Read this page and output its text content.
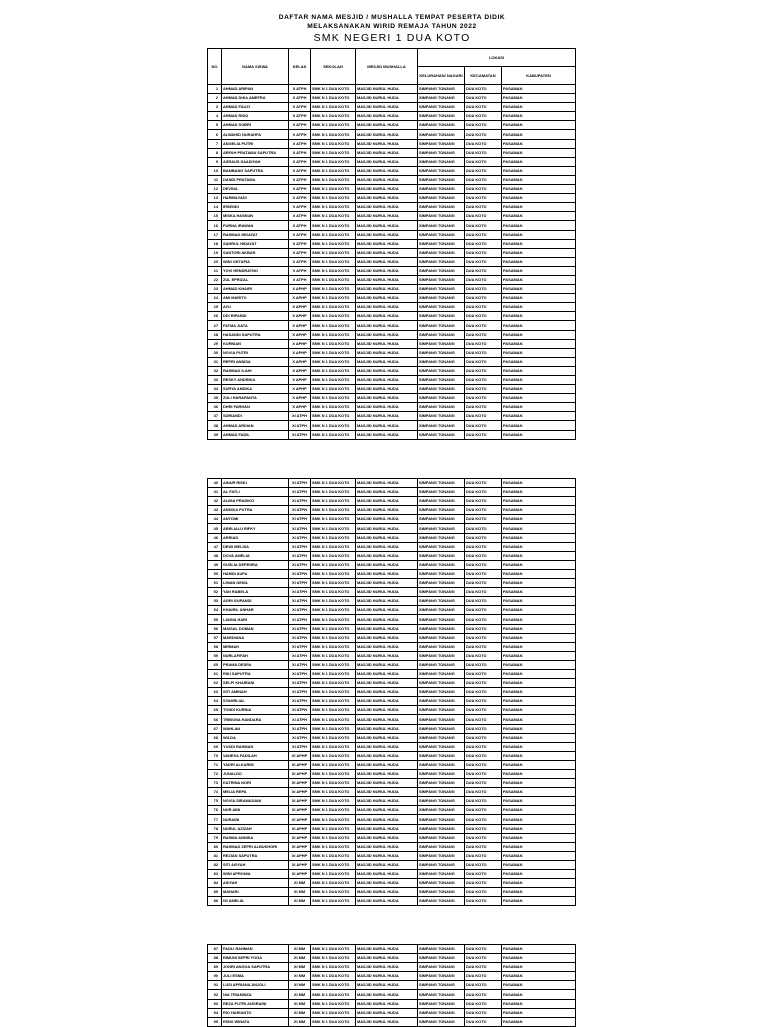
DAFTAR NAMA MESJID / MUSHALLA TEMPAT PESERTA DIDIK
MELAKSANAKAN WIRID REMAJA TAHUN 2022
SMK NEGERI 1 DUA KOTO
NO	NAMA SISWA	KELAS	SEKOLAH	MESJID MUSHALLA	LOKASI		
					KELURAHAN/ NAGARI	KECAMATAN	KABUPATEN
1	AHMAD ARIPAN	X ATPH	SMK N 1 DUA KOTO	MASJID NURUL HUDA	SIMPANG TONANG	DUA KOTO	PASAMAN
2	AHMAD DHIA AMEFRA	X ATPH	SMK N 1 DUA KOTO	MASJID NURUL HUDA	SIMPANG TONANG	DUA KOTO	PASAMAN
3	AHMAD FAUZI	X ATPH	SMK N 1 DUA KOTO	MASJID NURUL HUDA	SIMPANG TONANG	DUA KOTO	PASAMAN
4	AHMAD RIDO	X ATPH	SMK N 1 DUA KOTO	MASJID NURUL HUDA	SIMPANG TONANG	DUA KOTO	PASAMAN
5	AHMAD SOBRI	X ATPH	SMK N 1 DUA KOTO	MASJID NURUL HUDA	SIMPANG TONANG	DUA KOTO	PASAMAN
6	ALWAHID NURAHFA	X ATPH	SMK N 1 DUA KOTO	MASJID NURUL HUDA	SIMPANG TONANG	DUA KOTO	PASAMAN
7	ANGELIA PUTRI	X ATPH	SMK N 1 DUA KOTO	MASJID NURUL HUDA	SIMPANG TONANG	DUA KOTO	PASAMAN
8	ARFAH PRATAMA SAPUTRA	X ATPH	SMK N 1 DUA KOTO	MASJID NURUL HUDA	SIMPANG TONANG	DUA KOTO	PASAMAN
9	ASRAUS SAADIYAH	X ATPH	SMK N 1 DUA KOTO	MASJID NURUL HUDA	SIMPANG TONANG	DUA KOTO	PASAMAN
10	BAMBANG SAPUTRA	X ATPH	SMK N 1 DUA KOTO	MASJID NURUL HUDA	SIMPANG TONANG	DUA KOTO	PASAMAN
11	DANDI PRATAMA	X ATPH	SMK N 1 DUA KOTO	MASJID NURUL HUDA	SIMPANG TONANG	DUA KOTO	PASAMAN
12	DEVINA	X ATPH	SMK N 1 DUA KOTO	MASJID NURUL HUDA	SIMPANG TONANG	DUA KOTO	PASAMAN
13	HARMILYADI	X ATPH	SMK N 1 DUA KOTO	MASJID NURUL HUDA	SIMPANG TONANG	DUA KOTO	PASAMAN
14	IRSENDI	X ATPH	SMK N 1 DUA KOTO	MASJID NURUL HUDA	SIMPANG TONANG	DUA KOTO	PASAMAN
15	MISKA HASNUN	X ATPH	SMK N 1 DUA KOTO	MASJID NURUL HUDA	SIMPANG TONANG	DUA KOTO	PASAMAN
16	PURNA IRAWAN	X ATPH	SMK N 1 DUA KOTO	MASJID NURUL HUDA	SIMPANG TONANG	DUA KOTO	PASAMAN
17	RAHMAD HIDAYAT	X ATPH	SMK N 1 DUA KOTO	MASJID NURUL HUDA	SIMPANG TONANG	DUA KOTO	PASAMAN
18	SAHRUL HIDAYAT	X ATPH	SMK N 1 DUA KOTO	MASJID NURUL HUDA	SIMPANG TONANG	DUA KOTO	PASAMAN
19	SANTORI AKBAR	X ATPH	SMK N 1 DUA KOTO	MASJID NURUL HUDA	SIMPANG TONANG	DUA KOTO	PASAMAN
20	WINI OKTAPIA	X ATPH	SMK N 1 DUA KOTO	MASJID NURUL HUDA	SIMPANG TONANG	DUA KOTO	PASAMAN
21	YOVI HENDRATNO	X ATPH	SMK N 1 DUA KOTO	MASJID NURUL HUDA	SIMPANG TONANG	DUA KOTO	PASAMAN
22	ZUL EPRIZAL	X ATPH	SMK N 1 DUA KOTO	MASJID NURUL HUDA	SIMPANG TONANG	DUA KOTO	PASAMAN
23	AHMAD KHAIRI	X APHP	SMK N 1 DUA KOTO	MASJID NURUL HUDA	SIMPANG TONANG	DUA KOTO	PASAMAN
24	AMI MARITO	X APHP	SMK N 1 DUA KOTO	MASJID NURUL HUDA	SIMPANG TONANG	DUA KOTO	PASAMAN
25	AYU	X APHP	SMK N 1 DUA KOTO	MASJID NURUL HUDA	SIMPANG TONANG	DUA KOTO	PASAMAN
26	DDI RIPANDI	X APHP	SMK N 1 DUA KOTO	MASJID NURUL HUDA	SIMPANG TONANG	DUA KOTO	PASAMAN
27	FATMA JIATA	X APHP	SMK N 1 DUA KOTO	MASJID NURUL HUDA	SIMPANG TONANG	DUA KOTO	PASAMAN
28	HASANDI SAPUTRA	X APHP	SMK N 1 DUA KOTO	MASJID NURUL HUDA	SIMPANG TONANG	DUA KOTO	PASAMAN
29	KURNIAN	X APHP	SMK N 1 DUA KOTO	MASJID NURUL HUDA	SIMPANG TONANG	DUA KOTO	PASAMAN
30	NOVIA PUTRI	X APHP	SMK N 1 DUA KOTO	MASJID NURUL HUDA	SIMPANG TONANG	DUA KOTO	PASAMAN
31	REPRI ANNISA	X APHP	SMK N 1 DUA KOTO	MASJID NURUL HUDA	SIMPANG TONANG	DUA KOTO	PASAMAN
32	RAHMAD ILAHI	X APHP	SMK N 1 DUA KOTO	MASJID NURUL HUDA	SIMPANG TONANG	DUA KOTO	PASAMAN
33	RESKY ANDRIKA	X APHP	SMK N 1 DUA KOTO	MASJID NURUL HUDA	SIMPANG TONANG	DUA KOTO	PASAMAN
34	SURYA ANDIKA	X APHP	SMK N 1 DUA KOTO	MASJID NURUL HUDA	SIMPANG TONANG	DUA KOTO	PASAMAN
35	ZULI HARAPANTA	X APHP	SMK N 1 DUA KOTO	MASJID NURUL HUDA	SIMPANG TONANG	DUA KOTO	PASAMAN
36	DHRI FARHAN	X APHP	SMK N 1 DUA KOTO	MASJID NURUL HUDA	SIMPANG TONANG	DUA KOTO	PASAMAN
37	SDRIANDI	XI ATPH	SMK N 1 DUA KOTO	MASJID NURUL HUDA	SIMPANG TONANG	DUA KOTO	PASAMAN
38	AHMAD ARDIAN	XI ATPH	SMK N 1 DUA KOTO	MASJID NURUL HUDA	SIMPANG TONANG	DUA KOTO	PASAMAN
39	AHMAD FADIL	XI ATPH	SMK N 1 DUA KOTO	MASJID NURUL HUDA	SIMPANG TONANG	DUA KOTO	PASAMAN
40	AINUR RISKI	XI ATPH	SMK N 1 DUA KOTO	MASJID NURUL HUDA	SIMPANG TONANG	DUA KOTO	PASAMAN
41	AL FATLI	XI ATPH	SMK N 1 DUA KOTO	MASJID NURUL HUDA	SIMPANG TONANG	DUA KOTO	PASAMAN
42	ALIMA PRADIKO	XI ATPH	SMK N 1 DUA KOTO	MASJID NURUL HUDA	SIMPANG TONANG	DUA KOTO	PASAMAN
43	ANDIKA PUTRA	XI ATPH	SMK N 1 DUA KOTO	MASJID NURUL HUDA	SIMPANG TONANG	DUA KOTO	PASAMAN
44	ANTOMI	XI ATPH	SMK N 1 DUA KOTO	MASJID NURUL HUDA	SIMPANG TONANG	DUA KOTO	PASAMAN
45	ARRLIALU RIFKY	XI ATPH	SMK N 1 DUA KOTO	MASJID NURUL HUDA	SIMPANG TONANG	DUA KOTO	PASAMAN
46	ARRIAD	XI ATPH	SMK N 1 DUA KOTO	MASJID NURUL HUDA	SIMPANG TONANG	DUA KOTO	PASAMAN
47	DEWI MELISA	XI ATPH	SMK N 1 DUA KOTO	MASJID NURUL HUDA	SIMPANG TONANG	DUA KOTO	PASAMAN
48	DOVA AMELIA	XI ATPH	SMK N 1 DUA KOTO	MASJID NURUL HUDA	SIMPANG TONANG	DUA KOTO	PASAMAN
49	GUSLIA DEPENRA	XI ATPH	SMK N 1 DUA KOTO	MASJID NURUL HUDA	SIMPANG TONANG	DUA KOTO	PASAMAN
50	HAMDI AUFA	XI ATPH	SMK N 1 DUA KOTO	MASJID NURUL HUDA	SIMPANG TONANG	DUA KOTO	PASAMAN
51	LIMAN DENIL	XI ATPH	SMK N 1 DUA KOTO	MASJID NURUL HUDA	SIMPANG TONANG	DUA KOTO	PASAMAN
52	YAN RABELA	XI ATPH	SMK N 1 DUA KOTO	MASJID NURUL HUDA	SIMPANG TONANG	DUA KOTO	PASAMAN
53	AGRI GUPANDI	XI ATPH	SMK N 1 DUA KOTO	MASJID NURUL HUDA	SIMPANG TONANG	DUA KOTO	PASAMAN
54	KHAIRIL ANHAR	XI ATPH	SMK N 1 DUA KOTO	MASJID NURUL HUDA	SIMPANG TONANG	DUA KOTO	PASAMAN
55	LANNA HARI	XI ATPH	SMK N 1 DUA KOTO	MASJID NURUL HUDA	SIMPANG TONANG	DUA KOTO	PASAMAN
56	MAISAL DOMAN	XI ATPH	SMK N 1 DUA KOTO	MASJID NURUL HUDA	SIMPANG TONANG	DUA KOTO	PASAMAN
57	MARDIANA	XI ATPH	SMK N 1 DUA KOTO	MASJID NURUL HUDA	SIMPANG TONANG	DUA KOTO	PASAMAN
58	MIRMAH	XI ATPH	SMK N 1 DUA KOTO	MASJID NURUL HUDA	SIMPANG TONANG	DUA KOTO	PASAMAN
59	NURLAFIFAH	XI ATPH	SMK N 1 DUA KOTO	MASJID NURUL HUDA	SIMPANG TONANG	DUA KOTO	PASAMAN
60	PRAMA DESPA	XI ATPH	SMK N 1 DUA KOTO	MASJID NURUL HUDA	SIMPANG TONANG	DUA KOTO	PASAMAN
61	RIKI SAPUTRA	XI ATPH	SMK N 1 DUA KOTO	MASJID NURUL HUDA	SIMPANG TONANG	DUA KOTO	PASAMAN
62	SELPI KHAIRANI	XI ATPH	SMK N 1 DUA KOTO	MASJID NURUL HUDA	SIMPANG TONANG	DUA KOTO	PASAMAN
63	SITI AMINAH	XI ATPH	SMK N 1 DUA KOTO	MASJID NURUL HUDA	SIMPANG TONANG	DUA KOTO	PASAMAN
64	SYAHRLIAL	XI ATPH	SMK N 1 DUA KOTO	MASJID NURUL HUDA	SIMPANG TONANG	DUA KOTO	PASAMAN
65	TONDI KURNIA	XI ATPH	SMK N 1 DUA KOTO	MASJID NURUL HUDA	SIMPANG TONANG	DUA KOTO	PASAMAN
66	TRIBONA HANDARA	XI ATPH	SMK N 1 DUA KOTO	MASJID NURUL HUDA	SIMPANG TONANG	DUA KOTO	PASAMAN
67	WAHLAN	XI ATPH	SMK N 1 DUA KOTO	MASJID NURUL HUDA	SIMPANG TONANG	DUA KOTO	PASAMAN
68	WILDA	XI ATPH	SMK N 1 DUA KOTO	MASJID NURUL HUDA	SIMPANG TONANG	DUA KOTO	PASAMAN
69	YUSDI RAHMAN	XI ATPH	SMK N 1 DUA KOTO	MASJID NURUL HUDA	SIMPANG TONANG	DUA KOTO	PASAMAN
70	VANESA FADILAH	XI APHP	SMK N 1 DUA KOTO	MASJID NURUL HUDA	SIMPANG TONANG	DUA KOTO	PASAMAN
71	YADRI ALKARIM	XI APHP	SMK N 1 DUA KOTO	MASJID NURUL HUDA	SIMPANG TONANG	DUA KOTO	PASAMAN
72	JUNALDO	XI APHP	SMK N 1 DUA KOTO	MASJID NURUL HUDA	SIMPANG TONANG	DUA KOTO	PASAMAN
73	KATRINA NORI	XI APHP	SMK N 1 DUA KOTO	MASJID NURUL HUDA	SIMPANG TONANG	DUA KOTO	PASAMAN
74	MELIA REPA	XI APHP	SMK N 1 DUA KOTO	MASJID NURUL HUDA	SIMPANG TONANG	DUA KOTO	PASAMAN
75	NOVIA SIRAMADANI	XI APHP	SMK N 1 DUA KOTO	MASJID NURUL HUDA	SIMPANG TONANG	DUA KOTO	PASAMAN
76	NUR AINI	XI APHP	SMK N 1 DUA KOTO	MASJID NURUL HUDA	SIMPANG TONANG	DUA KOTO	PASAMAN
77	NURAINI	XI APHP	SMK N 1 DUA KOTO	MASJID NURUL HUDA	SIMPANG TONANG	DUA KOTO	PASAMAN
78	NURUL AZIZAH	XI APHP	SMK N 1 DUA KOTO	MASJID NURUL HUDA	SIMPANG TONANG	DUA KOTO	PASAMAN
79	RAHMA ANNISA	XI APHP	SMK N 1 DUA KOTO	MASJID NURUL HUDA	SIMPANG TONANG	DUA KOTO	PASAMAN
80	RAHMAD ZEPRI ALBUKHORI	XI APHP	SMK N 1 DUA KOTO	MASJID NURUL HUDA	SIMPANG TONANG	DUA KOTO	PASAMAN
81	REZIAN SAPUTRA	XI APHP	SMK N 1 DUA KOTO	MASJID NURUL HUDA	SIMPANG TONANG	DUA KOTO	PASAMAN
82	SITI AISYAH	XI APHP	SMK N 1 DUA KOTO	MASJID NURUL HUDA	SIMPANG TONANG	DUA KOTO	PASAMAN
83	WINI APRONIA	XI APHP	SMK N 1 DUA KOTO	MASJID NURUL HUDA	SIMPANG TONANG	DUA KOTO	PASAMAN
84	ASIYAH	XI MM	SMK N 1 DUA KOTO	MASJID NURUL HUDA	SIMPANG TONANG	DUA KOTO	PASAMAN
85	MAHARI	XI MM	SMK N 1 DUA KOTO	MASJID NURUL HUDA	SIMPANG TONANG	DUA KOTO	PASAMAN
86	ISI AMELIA	XI MM	SMK N 1 DUA KOTO	MASJID NURUL HUDA	SIMPANG TONANG	DUA KOTO	PASAMAN
87	FADLI RAHMAN	XI MM	SMK N 1 DUA KOTO	MASJID NURUL HUDA	SIMPANG TONANG	DUA KOTO	PASAMAN
88	RIMUNI SEPRI YOGA	XI MM	SMK N 1 DUA KOTO	MASJID NURUL HUDA	SIMPANG TONANG	DUA KOTO	PASAMAN
89	JONRI ANGGA SAPUTRA	XI MM	SMK N 1 DUA KOTO	MASJID NURUL HUDA	SIMPANG TONANG	DUA KOTO	PASAMAN
90	JULI ESMA	XI MM	SMK N 1 DUA KOTO	MASJID NURUL HUDA	SIMPANG TONANG	DUA KOTO	PASAMAN
91	LUSI APRIANA ANJOLI	XI MM	SMK N 1 DUA KOTO	MASJID NURUL HUDA	SIMPANG TONANG	DUA KOTO	PASAMAN
92	NIA TRIANINZA	XI MM	SMK N 1 DUA KOTO	MASJID NURUL HUDA	SIMPANG TONANG	DUA KOTO	PASAMAN
93	REZA PUTRI ANGRAINI	XI MM	SMK N 1 DUA KOTO	MASJID NURUL HUDA	SIMPANG TONANG	DUA KOTO	PASAMAN
94	RIO HARIANTO	XI MM	SMK N 1 DUA KOTO	MASJID NURUL HUDA	SIMPANG TONANG	DUA KOTO	PASAMAN
95	RISKI WINATA	XI MM	SMK N 1 DUA KOTO	MASJID NURUL HUDA	SIMPANG TONANG	DUA KOTO	PASAMAN
